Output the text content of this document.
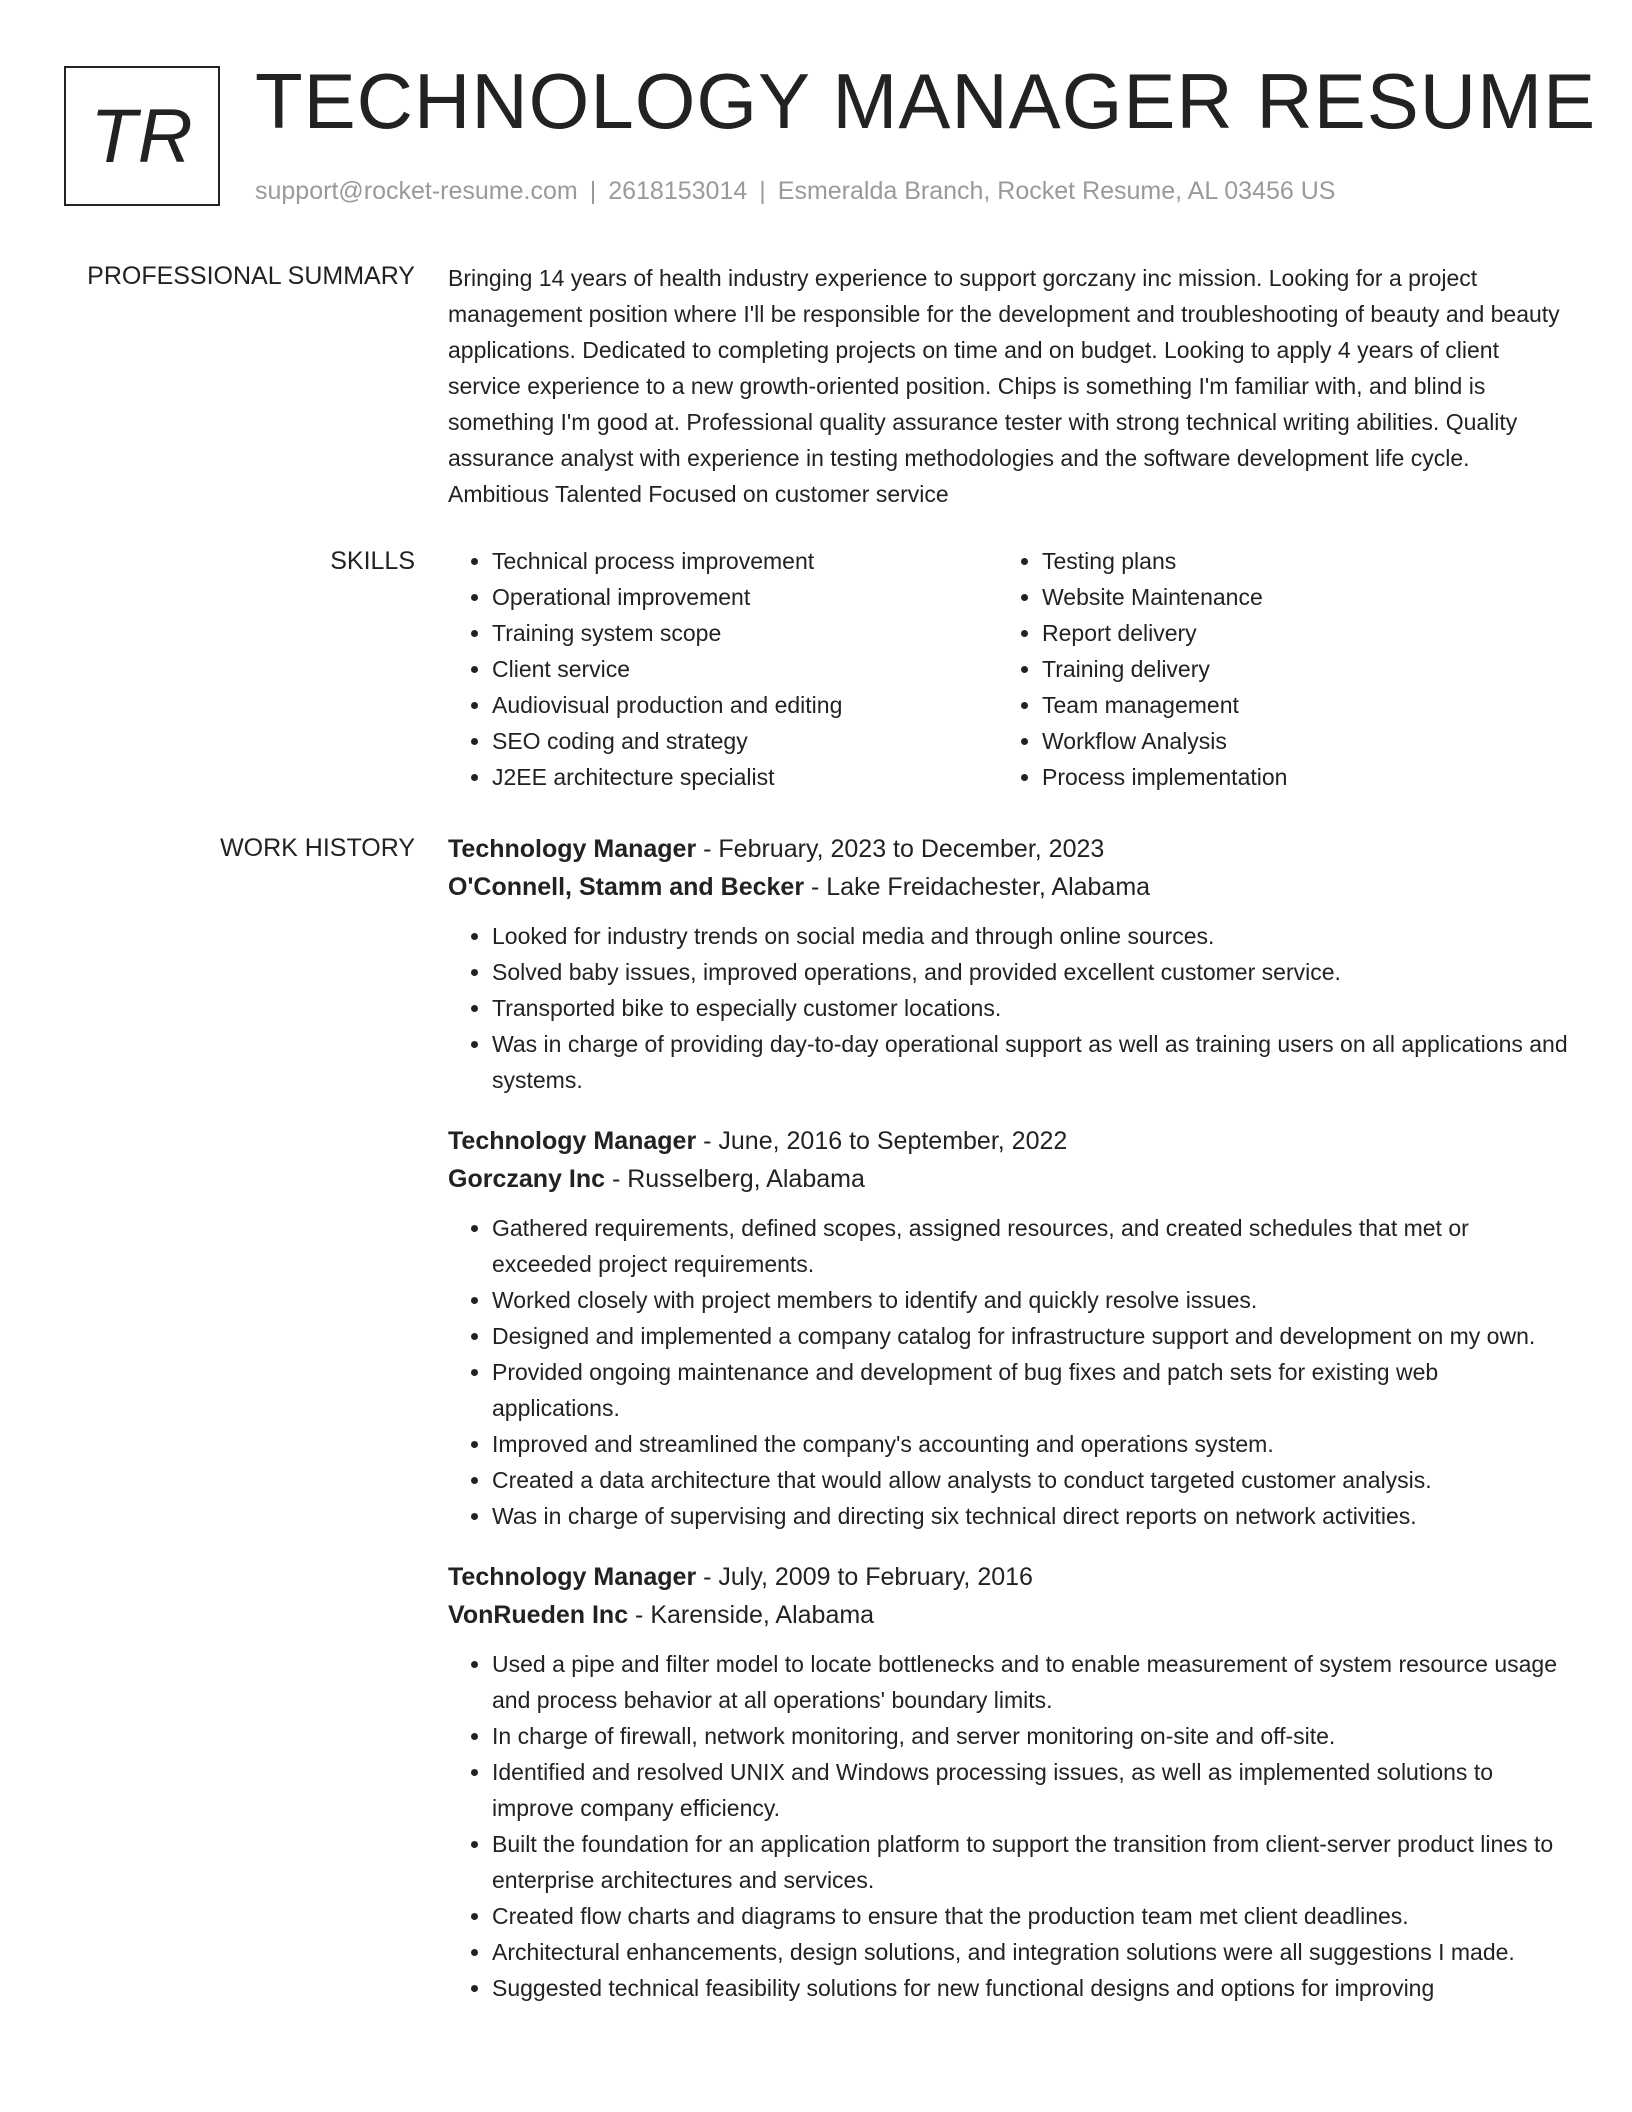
TR TECHNOLOGY MANAGER RESUME
support@rocket-resume.com | 2618153014 | Esmeralda Branch, Rocket Resume, AL 03456 US
PROFESSIONAL SUMMARY Bringing 14 years of health industry experience to support gorczany inc mission. Looking for a project management position where I'll be responsible for the development and troubleshooting of beauty and beauty applications. Dedicated to completing projects on time and on budget. Looking to apply 4 years of client service experience to a new growth-oriented position. Chips is something I'm familiar with, and blind is something I'm good at. Professional quality assurance tester with strong technical writing abilities. Quality assurance analyst with experience in testing methodologies and the software development life cycle. Ambitious Talented Focused on customer service

SKILLS
•	Technical process improvement
• Operational improvement
• Training system scope
• Client service
• Audiovisual production and editing
• SEO coding and strategy
• J2EE architecture specialist
• Testing plans
• Website Maintenance
• Report delivery
• Training delivery
• Team management
• Workflow Analysis
• Process implementation
WORK HISTORY Technology Manager - February, 2023 to December, 2023
O'Connell, Stamm and Becker - Lake Freidachester, Alabama
• Looked for industry trends on social media and through online sources.
• Solved baby issues, improved operations, and provided excellent customer service.
• Transported bike to especially customer locations.
• Was in charge of providing day-to-day operational support as well as training users on all applications and systems.
Technology Manager - June, 2016 to September, 2022
Gorczany Inc - Russelberg, Alabama
• Gathered requirements, defined scopes, assigned resources, and created schedules that met or exceeded project requirements.
• Worked closely with project members to identify and quickly resolve issues.
• Designed and implemented a company catalog for infrastructure support and development on my own.
• Provided ongoing maintenance and development of bug fixes and patch sets for existing web applications.
• Improved and streamlined the company's accounting and operations system.
• Created a data architecture that would allow analysts to conduct targeted customer analysis.
• Was in charge of supervising and directing six technical direct reports on network activities.
Technology Manager - July, 2009 to February, 2016
VonRueden Inc - Karenside, Alabama
• Used a pipe and filter model to locate bottlenecks and to enable measurement of system resource usage and process behavior at all operations' boundary limits.
• In charge of firewall, network monitoring, and server monitoring on-site and off-site.
• Identified and resolved UNIX and Windows processing issues, as well as implemented solutions to improve company efficiency.
• Built the foundation for an application platform to support the transition from client-server product lines to enterprise architectures and services.
• Created flow charts and diagrams to ensure that the production team met client deadlines.
• Architectural enhancements, design solutions, and integration solutions were all suggestions I made.
• Suggested technical feasibility solutions for new functional designs and options for improving
